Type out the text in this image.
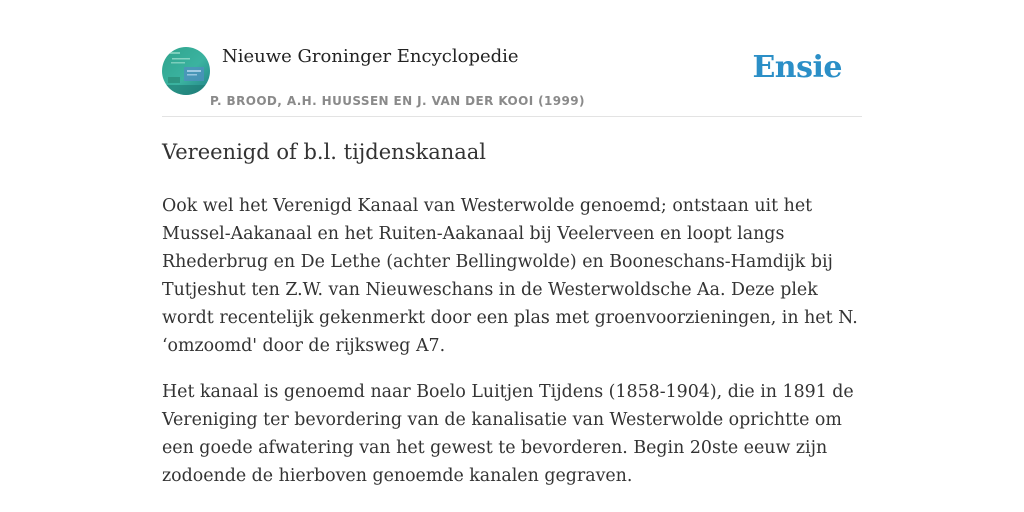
Nieuwe Groninger Encyclopedie
P. BROOD, A.H. HUUSSEN EN J. VAN DER KOOI (1999)
Ensie
Vereenigd of b.l. tijdenskanaal

Ook wel het Verenigd Kanaal van Westerwolde genoemd; ontstaan uit het Mussel-Aakanaal en het Ruiten-Aakanaal bij Veelerveen en loopt langs Rhederbrug en De Lethe (achter Bellingwolde) en Booneschans-Hamdijk bij Tutjeshut ten Z.W. van Nieuweschans in de Westerwoldsche Aa. Deze plek wordt recentelijk gekenmerkt door een plas met groenvoorzieningen, in het N. ‘omzoomd' door de rijksweg A7.

Het kanaal is genoemd naar Boelo Luitjen Tijdens (1858-1904), die in 1891 de Vereniging ter bevordering van de kanalisatie van Westerwolde oprichtte om een goede afwatering van het gewest te bevorderen. Begin 20ste eeuw zijn zodoende de hierboven genoemde kanalen gegraven.
